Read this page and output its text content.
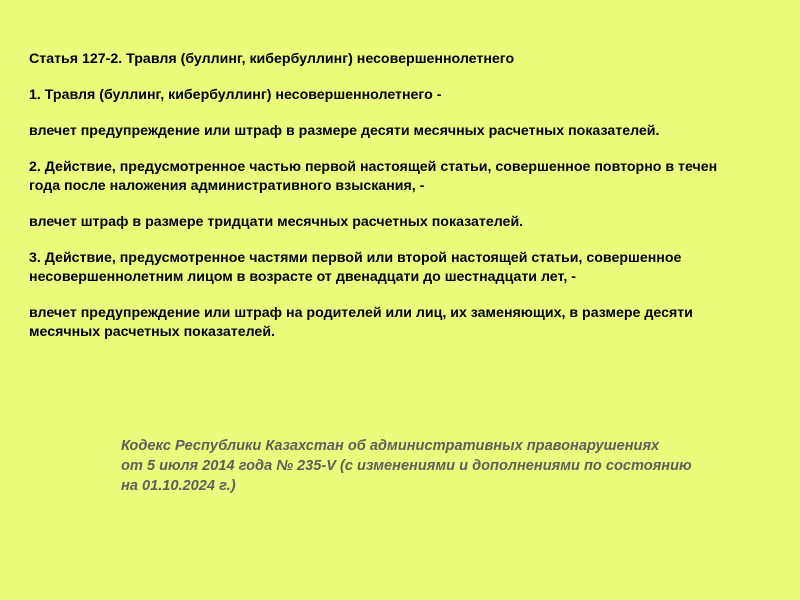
Статья 127-2. Травля (буллинг, кибербуллинг) несовершеннолетнего
1. Травля (буллинг, кибербуллинг) несовершеннолетнего -
влечет предупреждение или штраф в размере десяти месячных расчетных показателей.
2. Действие, предусмотренное частью первой настоящей статьи, совершенное повторно в течен
года после наложения административного взыскания, -
влечет штраф в размере тридцати месячных расчетных показателей.
3. Действие, предусмотренное частями первой или второй настоящей статьи, совершенное
несовершеннолетним лицом в возрасте от двенадцати до шестнадцати лет, -
влечет предупреждение или штраф на родителей или лиц, их заменяющих, в размере десяти
месячных расчетных показателей.
Кодекс Республики Казахстан об административных правонарушениях
от 5 июля 2014 года № 235-V (с изменениями и дополнениями по состоянию
на 01.10.2024 г.)
